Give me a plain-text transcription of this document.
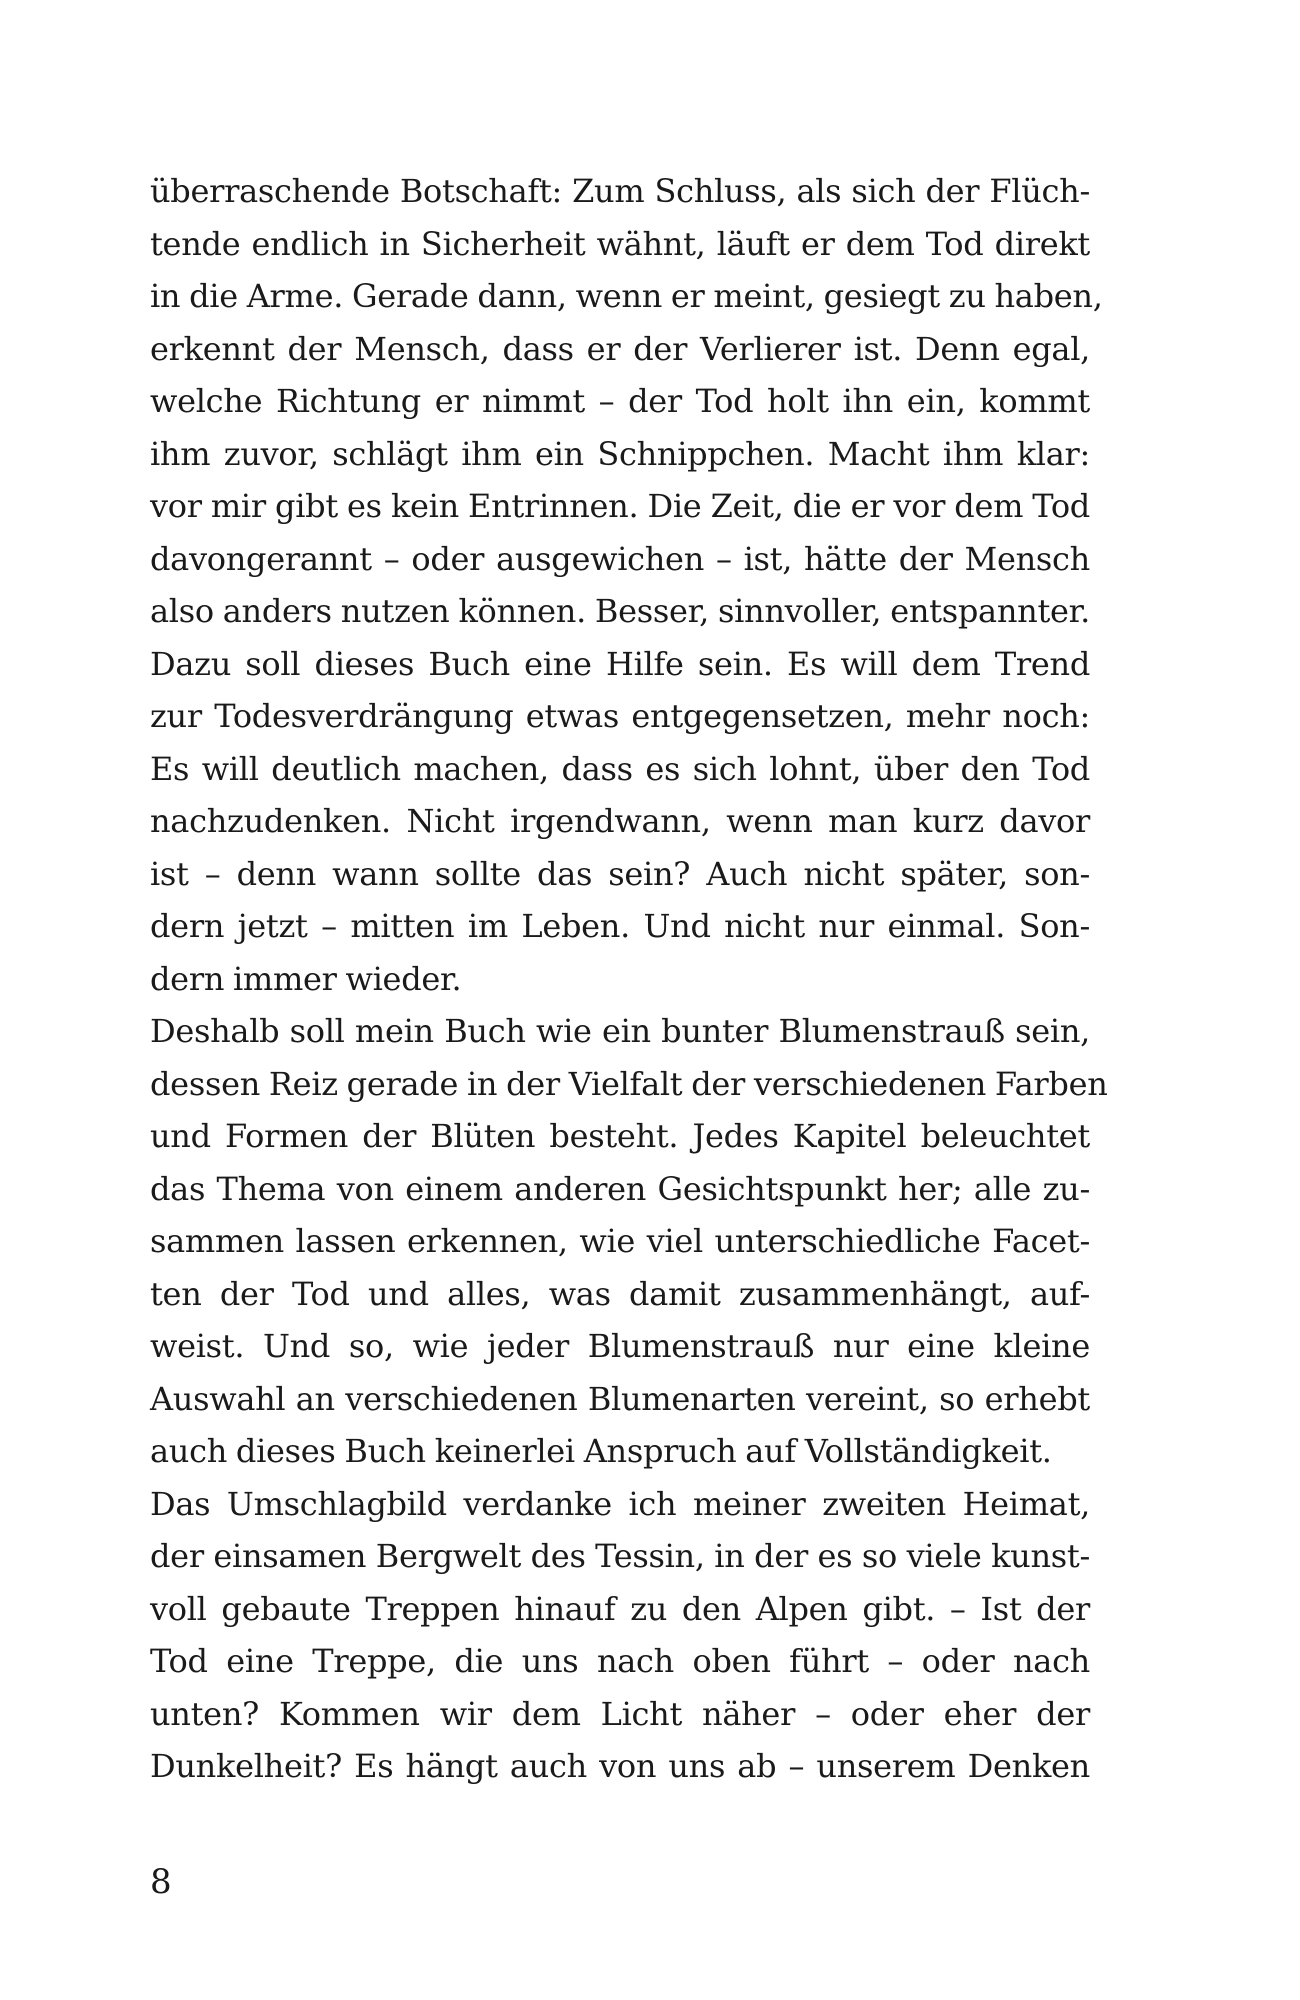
überraschende Botschaft: Zum Schluss, als sich der Flüch-
tende endlich in Sicherheit wähnt, läuft er dem Tod direkt
in die Arme. Gerade dann, wenn er meint, gesiegt zu haben,
erkennt der Mensch, dass er der Verlierer ist. Denn egal,
welche Richtung er nimmt – der Tod holt ihn ein, kommt
ihm zuvor, schlägt ihm ein Schnippchen. Macht ihm klar:
vor mir gibt es kein Entrinnen. Die Zeit, die er vor dem Tod
davongerannt – oder ausgewichen – ist, hätte der Mensch
also anders nutzen können. Besser, sinnvoller, entspannter.
Dazu soll dieses Buch eine Hilfe sein. Es will dem Trend
zur Todesverdrängung etwas entgegensetzen, mehr noch:
Es will deutlich machen, dass es sich lohnt, über den Tod
nachzudenken. Nicht irgendwann, wenn man kurz davor
ist – denn wann sollte das sein? Auch nicht später, son-
dern jetzt – mitten im Leben. Und nicht nur einmal. Son-
dern immer wieder.
Deshalb soll mein Buch wie ein bunter Blumenstrauß sein,
dessen Reiz gerade in der Vielfalt der verschiedenen Farben
und Formen der Blüten besteht. Jedes Kapitel beleuchtet
das Thema von einem anderen Gesichtspunkt her; alle zu-
sammen lassen erkennen, wie viel unterschiedliche Facet-
ten der Tod und alles, was damit zusammenhängt, auf-
weist. Und so, wie jeder Blumenstrauß nur eine kleine
Auswahl an verschiedenen Blumenarten vereint, so erhebt
auch dieses Buch keinerlei Anspruch auf Vollständigkeit.
Das Umschlagbild verdanke ich meiner zweiten Heimat,
der einsamen Bergwelt des Tessin, in der es so viele kunst-
voll gebaute Treppen hinauf zu den Alpen gibt. – Ist der
Tod eine Treppe, die uns nach oben führt – oder nach
unten? Kommen wir dem Licht näher – oder eher der
Dunkelheit? Es hängt auch von uns ab – unserem Denken
8
